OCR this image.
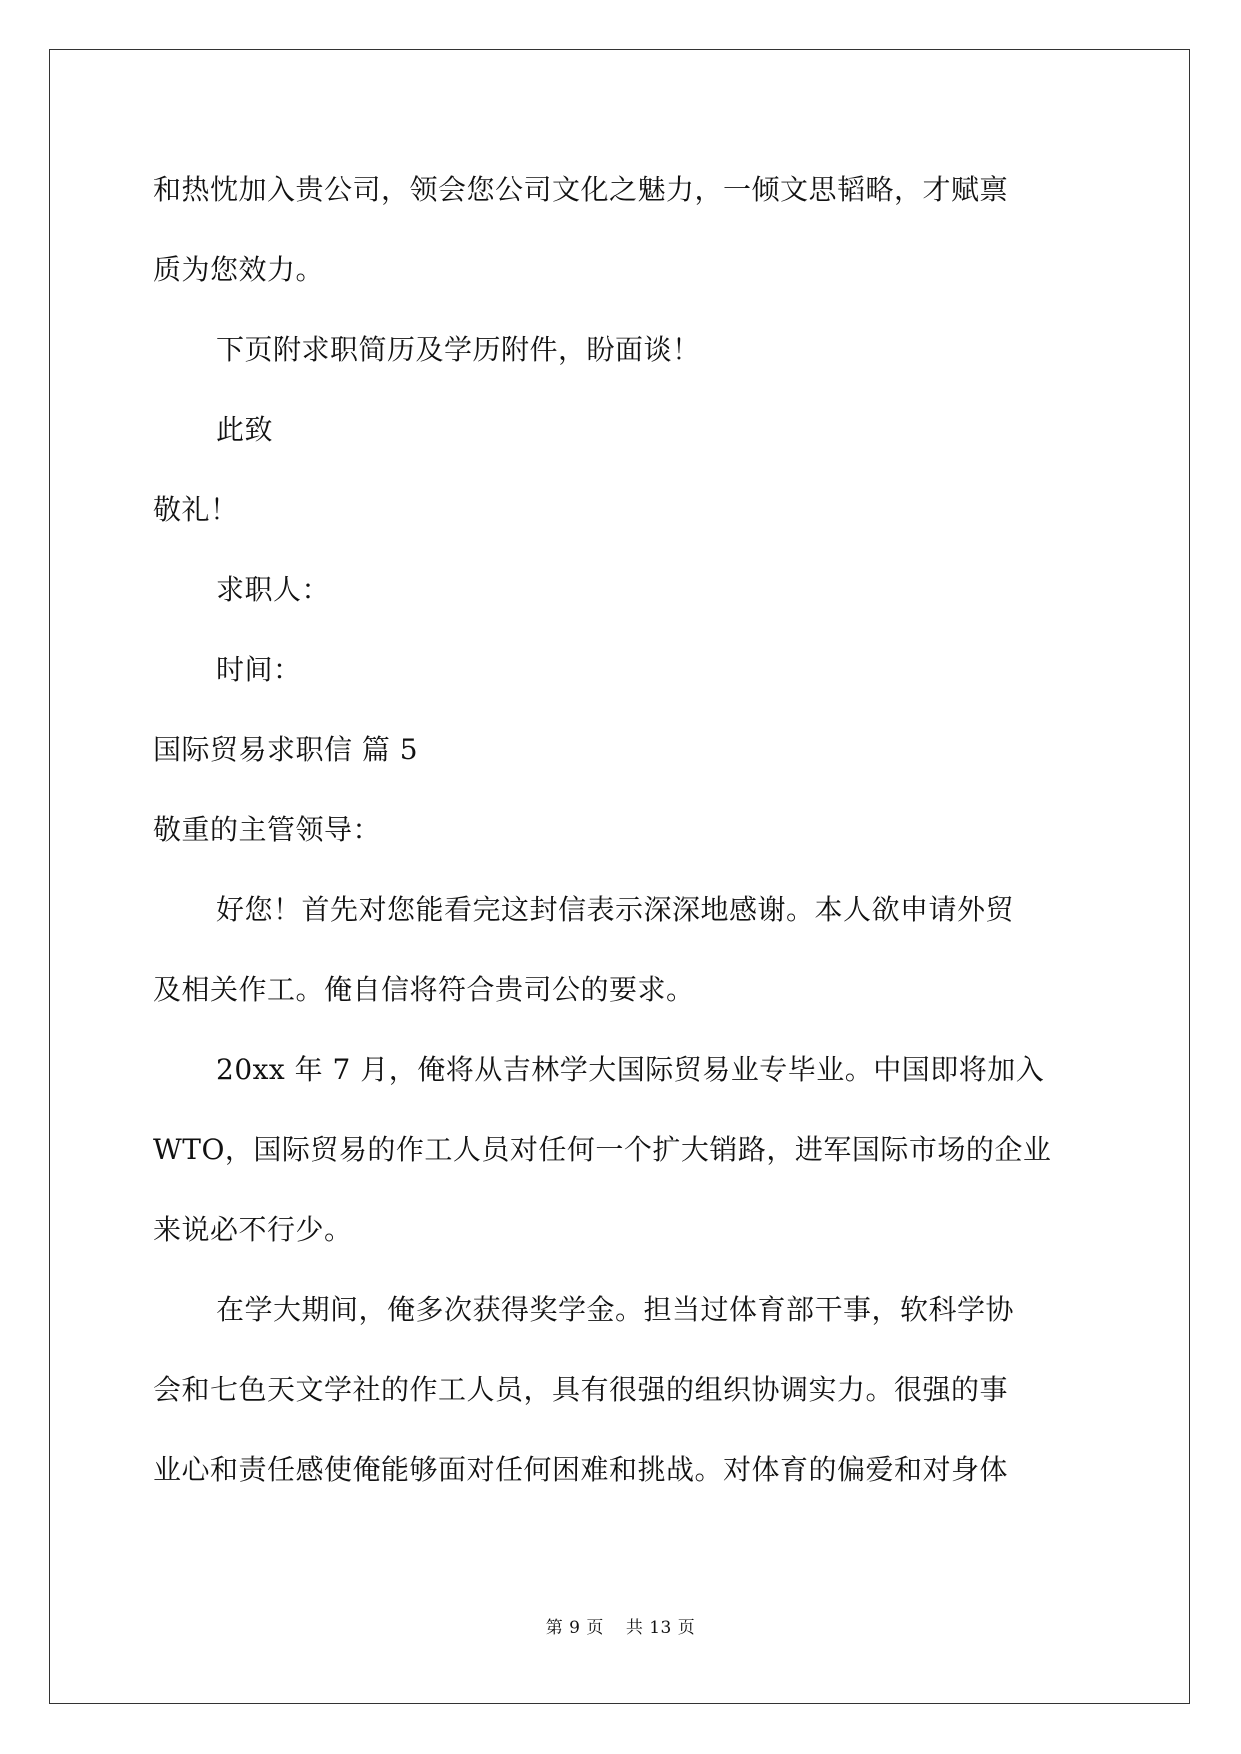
和热忱加入贵公司，领会您公司文化之魅力，一倾文思韬略，才赋禀

质为您效力。

下页附求职简历及学历附件，盼面谈！

此致

敬礼！

求职人：

时间：

国际贸易求职信 篇 5

敬重的主管领导：

好您！首先对您能看完这封信表示深深地感谢。本人欲申请外贸

及相关作工。俺自信将符合贵司公的要求。

20xx 年 7 月，俺将从吉林学大国际贸易业专毕业。中国即将加入

WTO，国际贸易的作工人员对任何一个扩大销路，进军国际市场的企业

来说必不行少。

在学大期间，俺多次获得奖学金。担当过体育部干事，软科学协

会和七色天文学社的作工人员，具有很强的组织协调实力。很强的事

业心和责任感使俺能够面对任何困难和挑战。对体育的偏爱和对身体

第 9 页 共 13 页
